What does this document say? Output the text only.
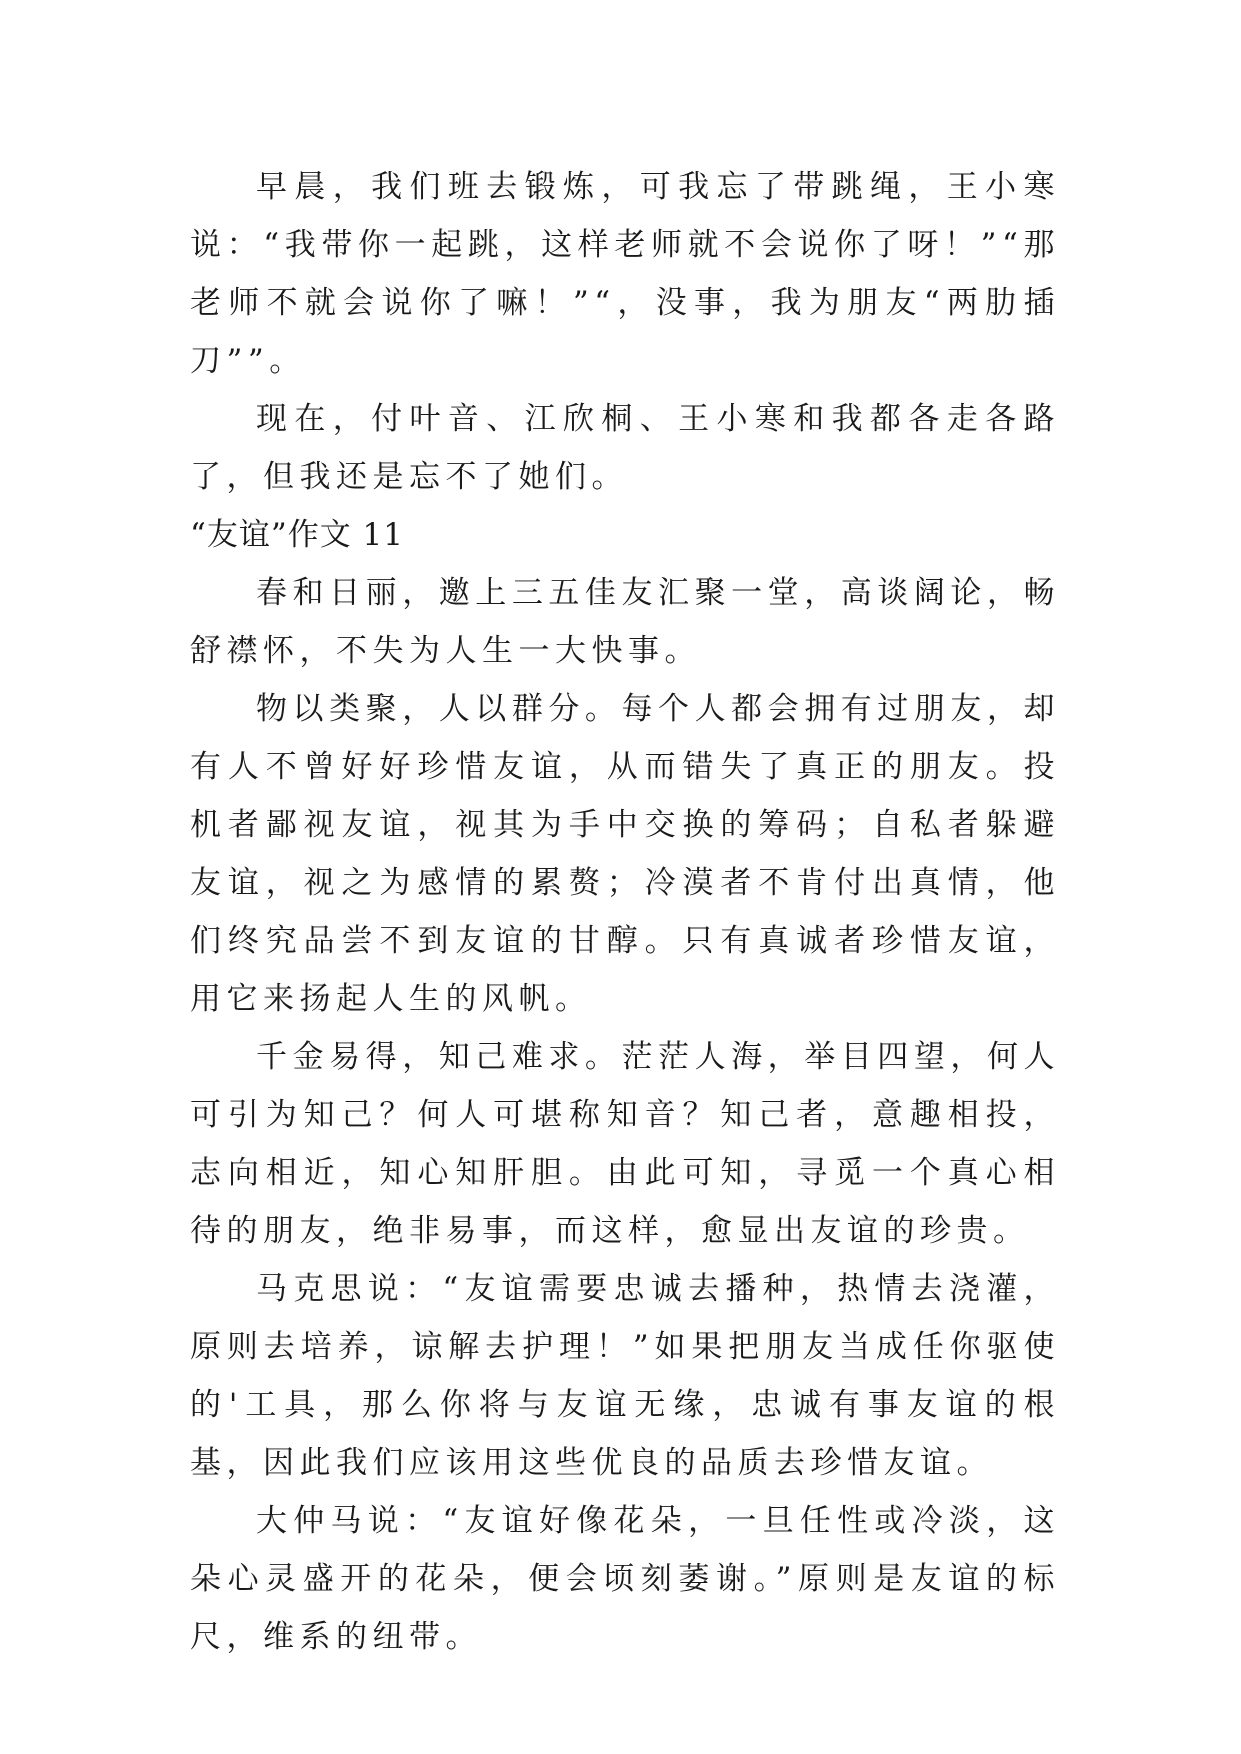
早晨，我们班去锻炼，可我忘了带跳绳，王小寒说：“我带你一起跳，这样老师就不会说你了呀！”“那老师不就会说你了嘛！”“，没事，我为朋友“两肋插刀””。

现在，付叶音、江欣桐、王小寒和我都各走各路了，但我还是忘不了她们。

“友谊”作文 11

春和日丽，邀上三五佳友汇聚一堂，高谈阔论，畅舒襟怀，不失为人生一大快事。

物以类聚，人以群分。每个人都会拥有过朋友，却有人不曾好好珍惜友谊，从而错失了真正的朋友。投机者鄙视友谊，视其为手中交换的筹码；自私者躲避友谊，视之为感情的累赘；冷漠者不肯付出真情，他们终究品尝不到友谊的甘醇。只有真诚者珍惜友谊，用它来扬起人生的风帆。

千金易得，知己难求。茫茫人海，举目四望，何人可引为知己？何人可堪称知音？知己者，意趣相投，志向相近，知心知肝胆。由此可知，寻觅一个真心相待的朋友，绝非易事，而这样，愈显出友谊的珍贵。

马克思说：“友谊需要忠诚去播种，热情去浇灌，原则去培养，谅解去护理！”如果把朋友当成任你驱使的'工具，那么你将与友谊无缘，忠诚有事友谊的根基，因此我们应该用这些优良的品质去珍惜友谊。

大仲马说：“友谊好像花朵，一旦任性或冷淡，这朵心灵盛开的花朵，便会顷刻萎谢。”原则是友谊的标尺，维系的纽带。
